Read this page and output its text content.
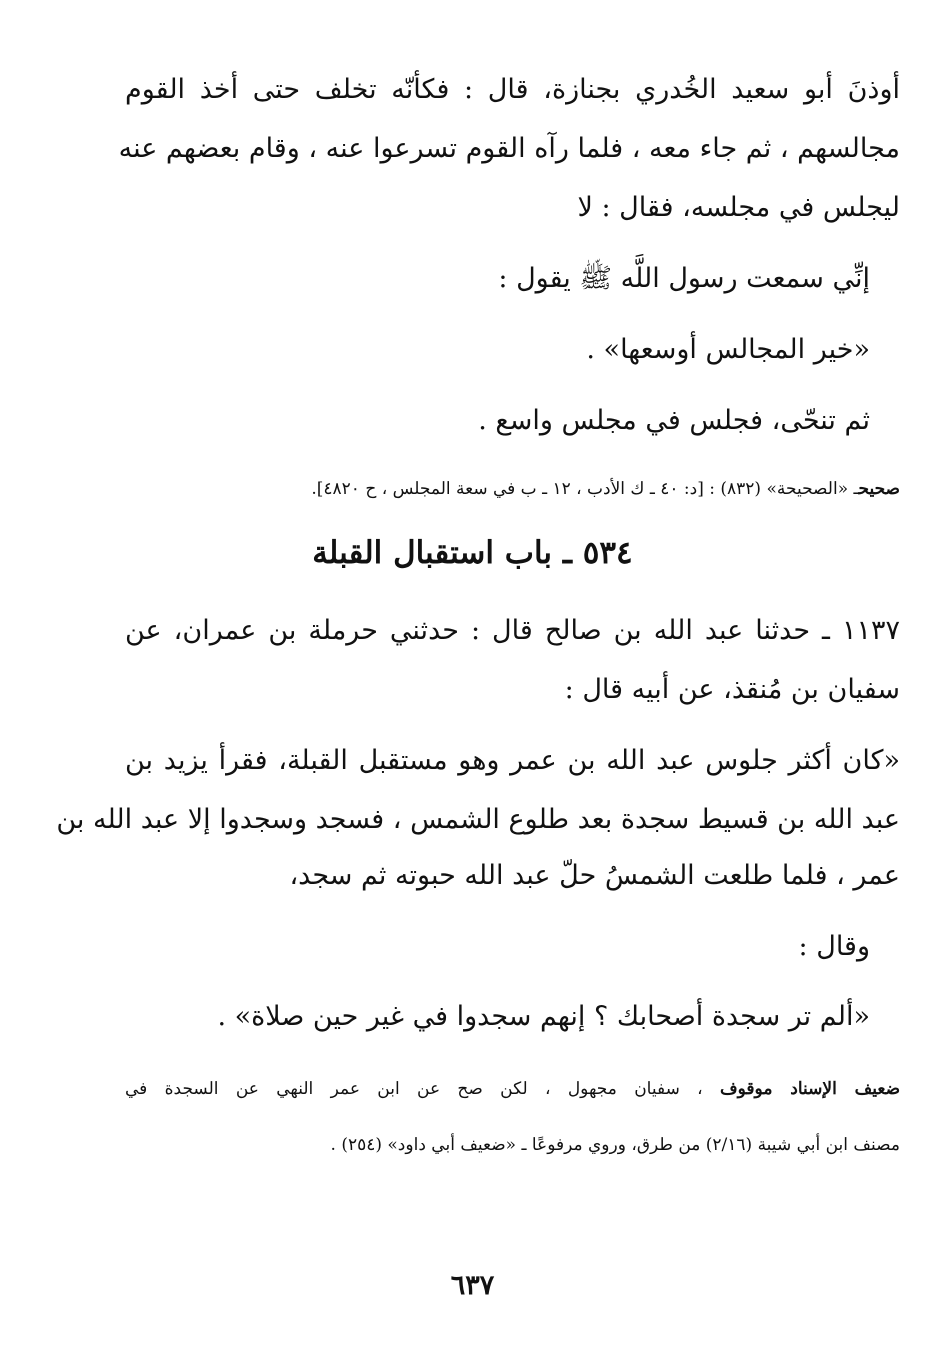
أوذنَ أبو سعيد الخُدري بجنازة، قال : فكأنّه تخلف حتى أخذ القوم
مجالسهم ، ثم جاء معه ، فلما رآه القوم تسرعوا عنه ، وقام بعضهم عنه
ليجلس في مجلسه، فقال : لا
إنِّي سمعت رسول اللَّه ﷺ يقول :
«خير المجالس أوسعها» .
ثم تنحّى، فجلس في مجلس واسع .
صحيحـ «الصحيحة» (٨٣٢) : [د: ٤٠ ـ ك الأدب ، ١٢ ـ ب في سعة المجلس ، ح ٤٨٢٠].
٥٣٤ ـ باب استقبال القبلة
١١٣٧ ـ حدثنا عبد الله بن صالح قال : حدثني حرملة بن عمران، عن
سفيان بن مُنقذ، عن أبيه قال :
«كان أكثر جلوس عبد الله بن عمر وهو مستقبل القبلة، فقرأ يزيد بن
عبد الله بن قسيط سجدة بعد طلوع الشمس ، فسجد وسجدوا إلا عبد الله بن
عمر ، فلما طلعت الشمسُ حلّ عبد الله حبوته ثم سجد،
وقال :
«ألم تر سجدة أصحابك ؟ إنهم سجدوا في غير حين صلاة» .
ضعيف الإسناد موقوف ، سفيان مجهول ، لكن صح عن ابن عمر النهي عن السجدة في
مصنف ابن أبي شيبة (٢/١٦) من طرق، وروي مرفوعًا ـ «ضعيف أبي داود» (٢٥٤) .
٦٣٧
